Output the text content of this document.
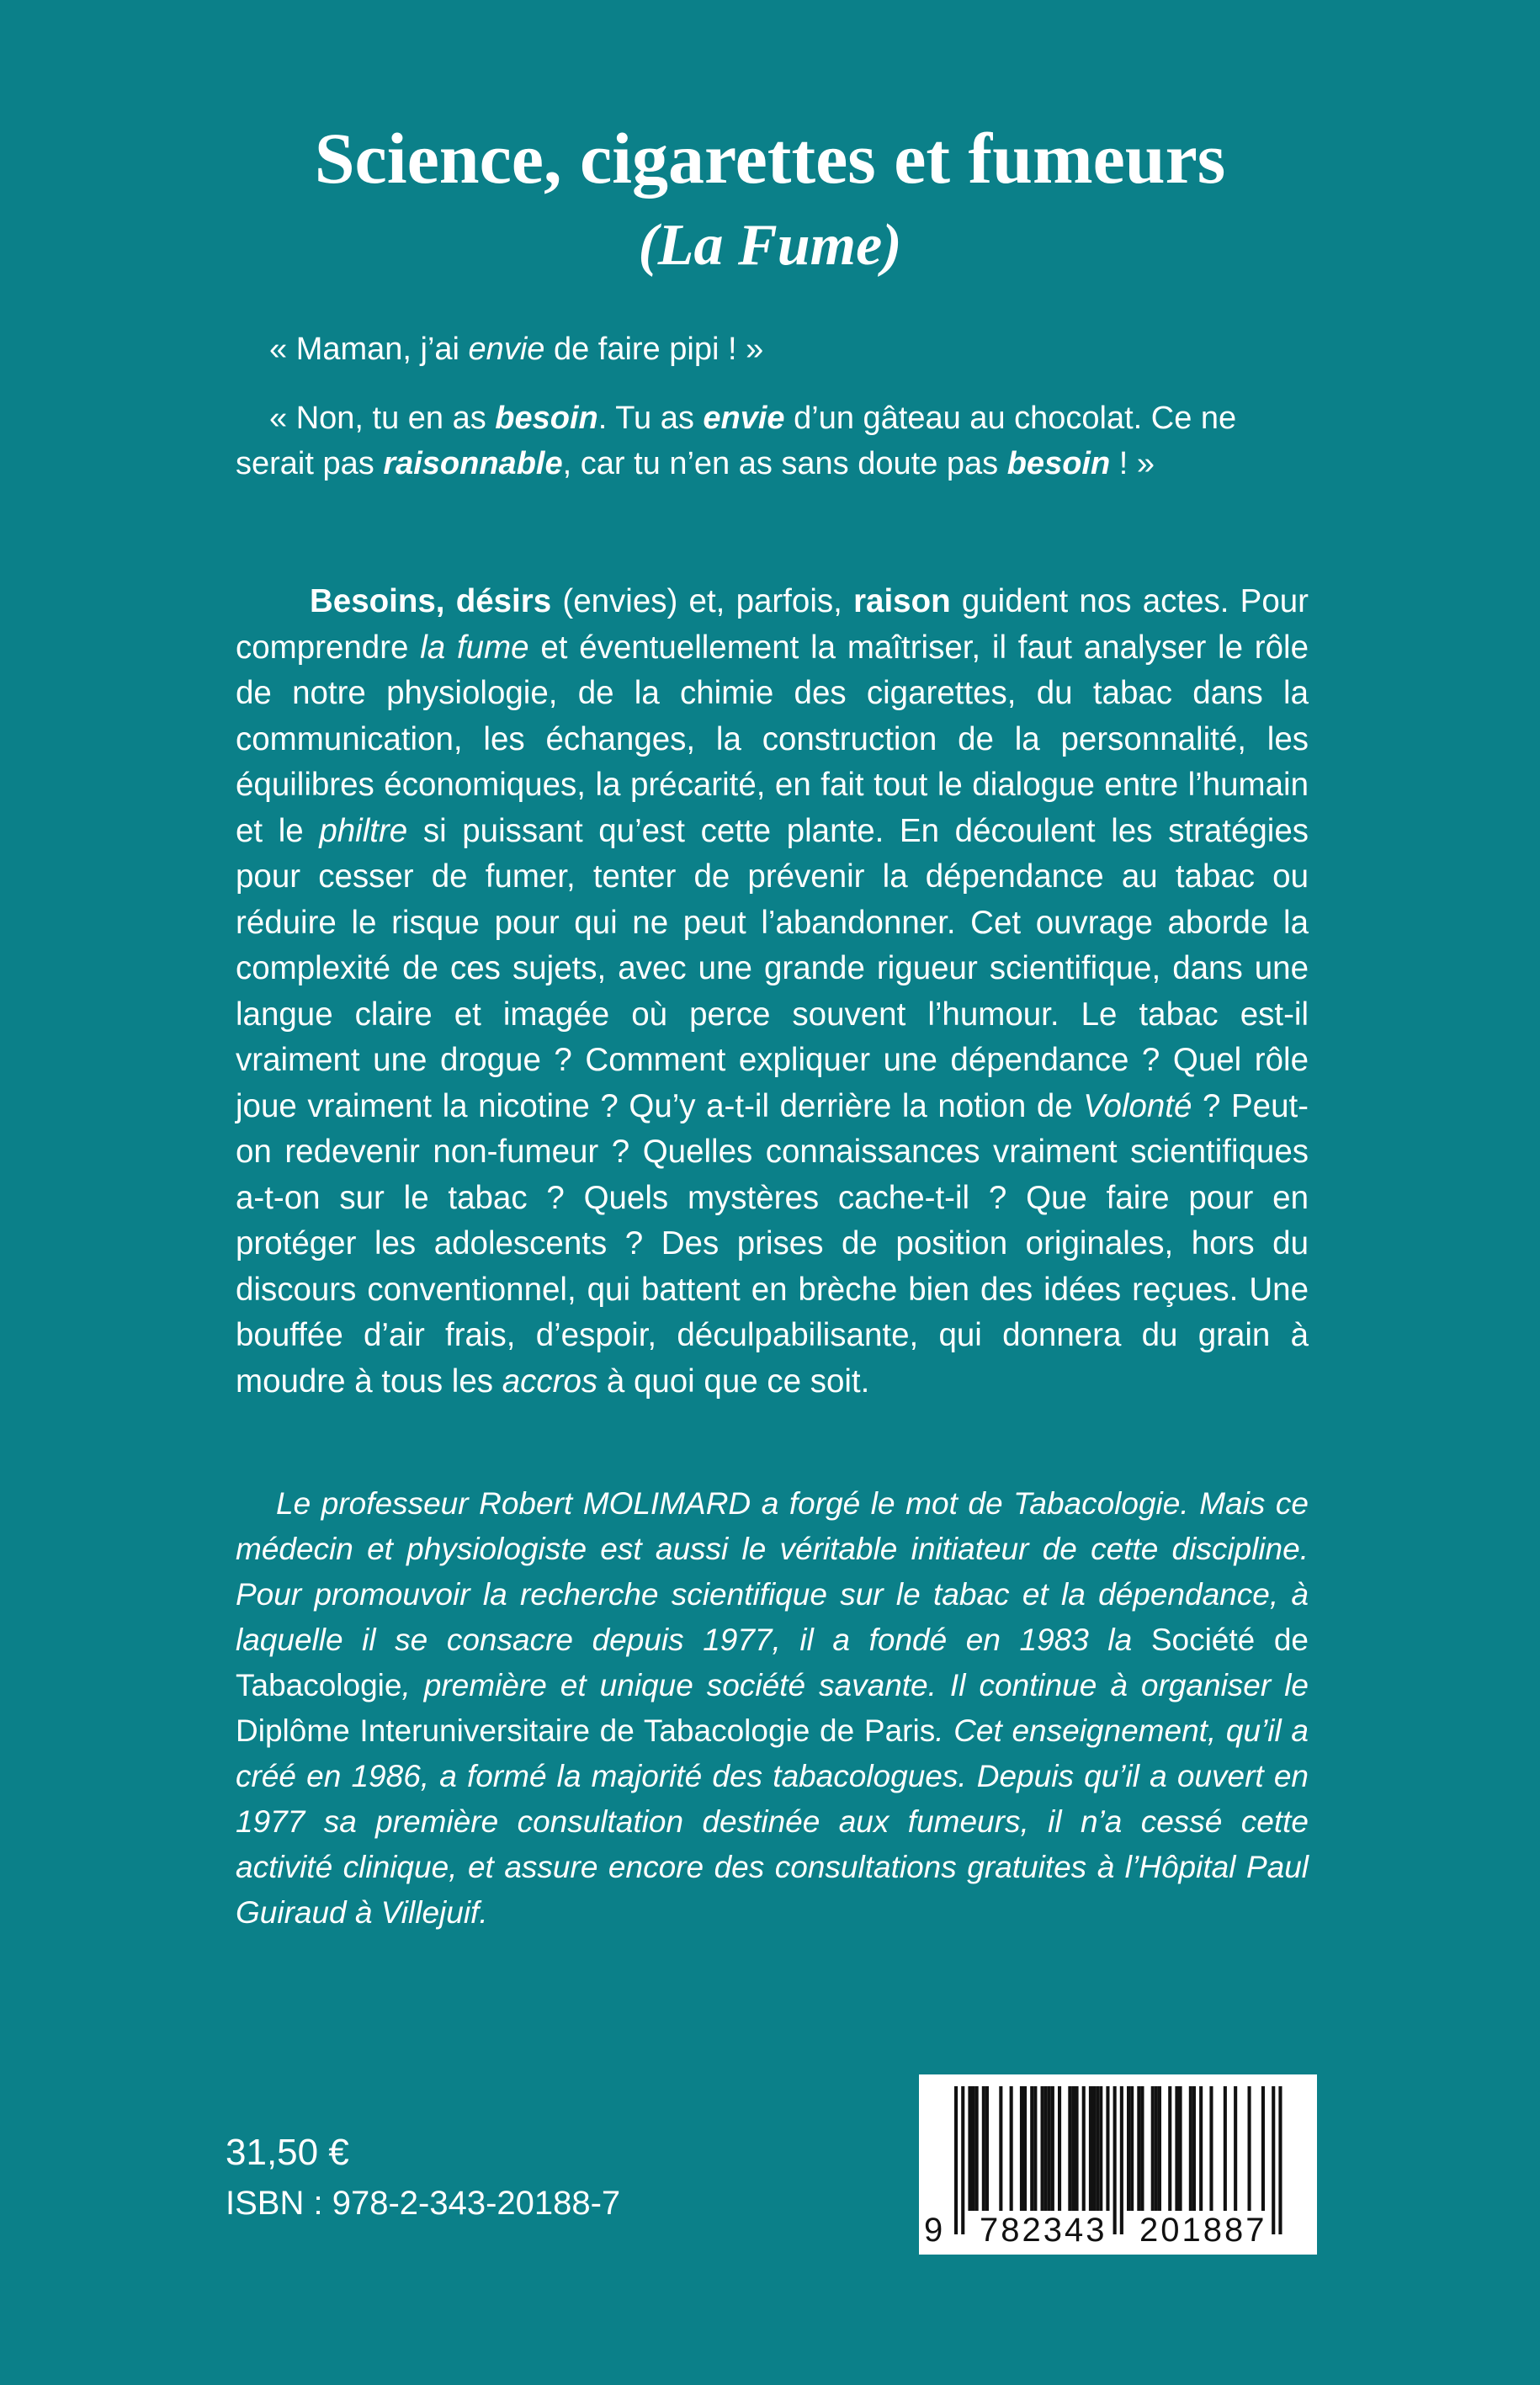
Science, cigarettes et fumeurs
(La Fume)

« Maman, j’ai envie de faire pipi ! »

« Non, tu en as besoin. Tu as envie d’un gâteau au chocolat. Ce ne serait pas raisonnable, car tu n’en as sans doute pas besoin ! »

Besoins, désirs (envies) et, parfois, raison guident nos actes. Pour comprendre la fume et éventuellement la maîtriser, il faut analyser le rôle de notre physiologie, de la chimie des cigarettes, du tabac dans la communication, les échanges, la construction de la personnalité, les équilibres économiques, la précarité, en fait tout le dialogue entre l’humain et le philtre si puissant qu’est cette plante. En découlent les stratégies pour cesser de fumer, tenter de prévenir la dépendance au tabac ou réduire le risque pour qui ne peut l’abandonner. Cet ouvrage aborde la complexité de ces sujets, avec une grande rigueur scientifique, dans une langue claire et imagée où perce souvent l’humour. Le tabac est-il vraiment une drogue ? Comment expliquer une dépendance ? Quel rôle joue vraiment la nicotine ? Qu’y a-t-il derrière la notion de Volonté ? Peut-on redevenir non-fumeur ? Quelles connaissances vraiment scientifiques a-t-on sur le tabac ? Quels mystères cache-t-il ? Que faire pour en protéger les adolescents ? Des prises de position originales, hors du discours conventionnel, qui battent en brèche bien des idées reçues. Une bouffée d’air frais, d’espoir, déculpabilisante, qui donnera du grain à moudre à tous les accros à quoi que ce soit.

Le professeur Robert MOLIMARD a forgé le mot de Tabacologie. Mais ce médecin et physiologiste est aussi le véritable initiateur de cette discipline. Pour promouvoir la recherche scientifique sur le tabac et la dépendance, à laquelle il se consacre depuis 1977, il a fondé en 1983 la Société de Tabacologie, première et unique société savante. Il continue à organiser le Diplôme Interuniversitaire de Tabacologie de Paris. Cet enseignement, qu’il a créé en 1986, a formé la majorité des tabacologues. Depuis qu’il a ouvert en 1977 sa première consultation destinée aux fumeurs, il n’a cessé cette activité clinique, et assure encore des consultations gratuites à l’Hôpital Paul Guiraud à Villejuif.

31,50 €

ISBN : 978-2-343-20188-7

9 782343 201887
